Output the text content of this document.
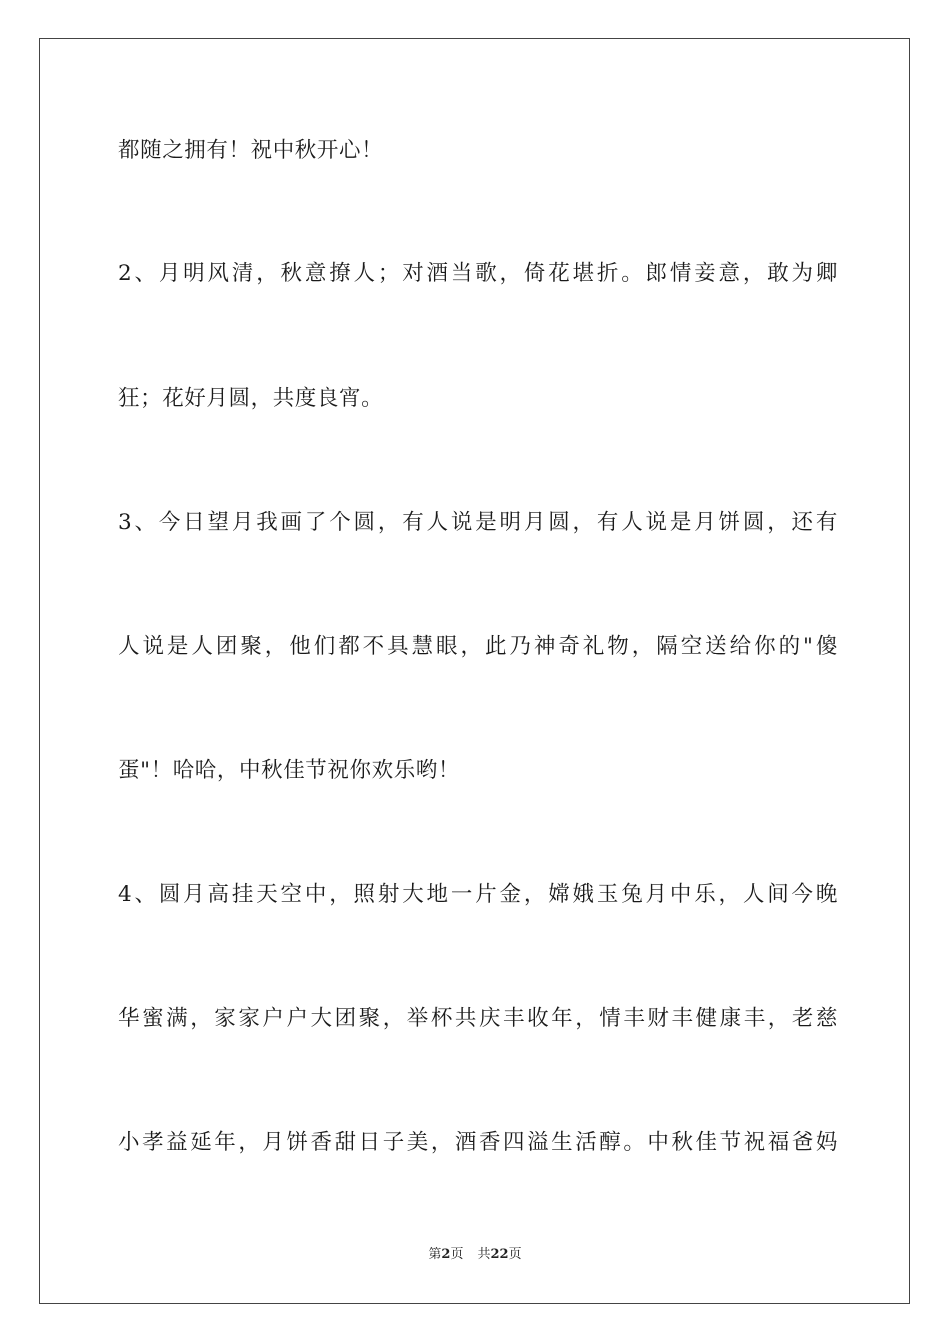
都随之拥有！祝中秋开心！
2、月明风清，秋意撩人；对酒当歌，倚花堪折。郎情妾意，敢为卿
狂；花好月圆，共度良宵。
3、今日望月我画了个圆，有人说是明月圆，有人说是月饼圆，还有
人说是人团聚，他们都不具慧眼，此乃神奇礼物，隔空送给你的"傻
蛋"！哈哈，中秋佳节祝你欢乐哟！
4、圆月高挂天空中，照射大地一片金，嫦娥玉兔月中乐，人间今晚
华蜜满，家家户户大团聚，举杯共庆丰收年，情丰财丰健康丰，老慈
小孝益延年，月饼香甜日子美，酒香四溢生活醇。中秋佳节祝福爸妈
第2页 共22页
